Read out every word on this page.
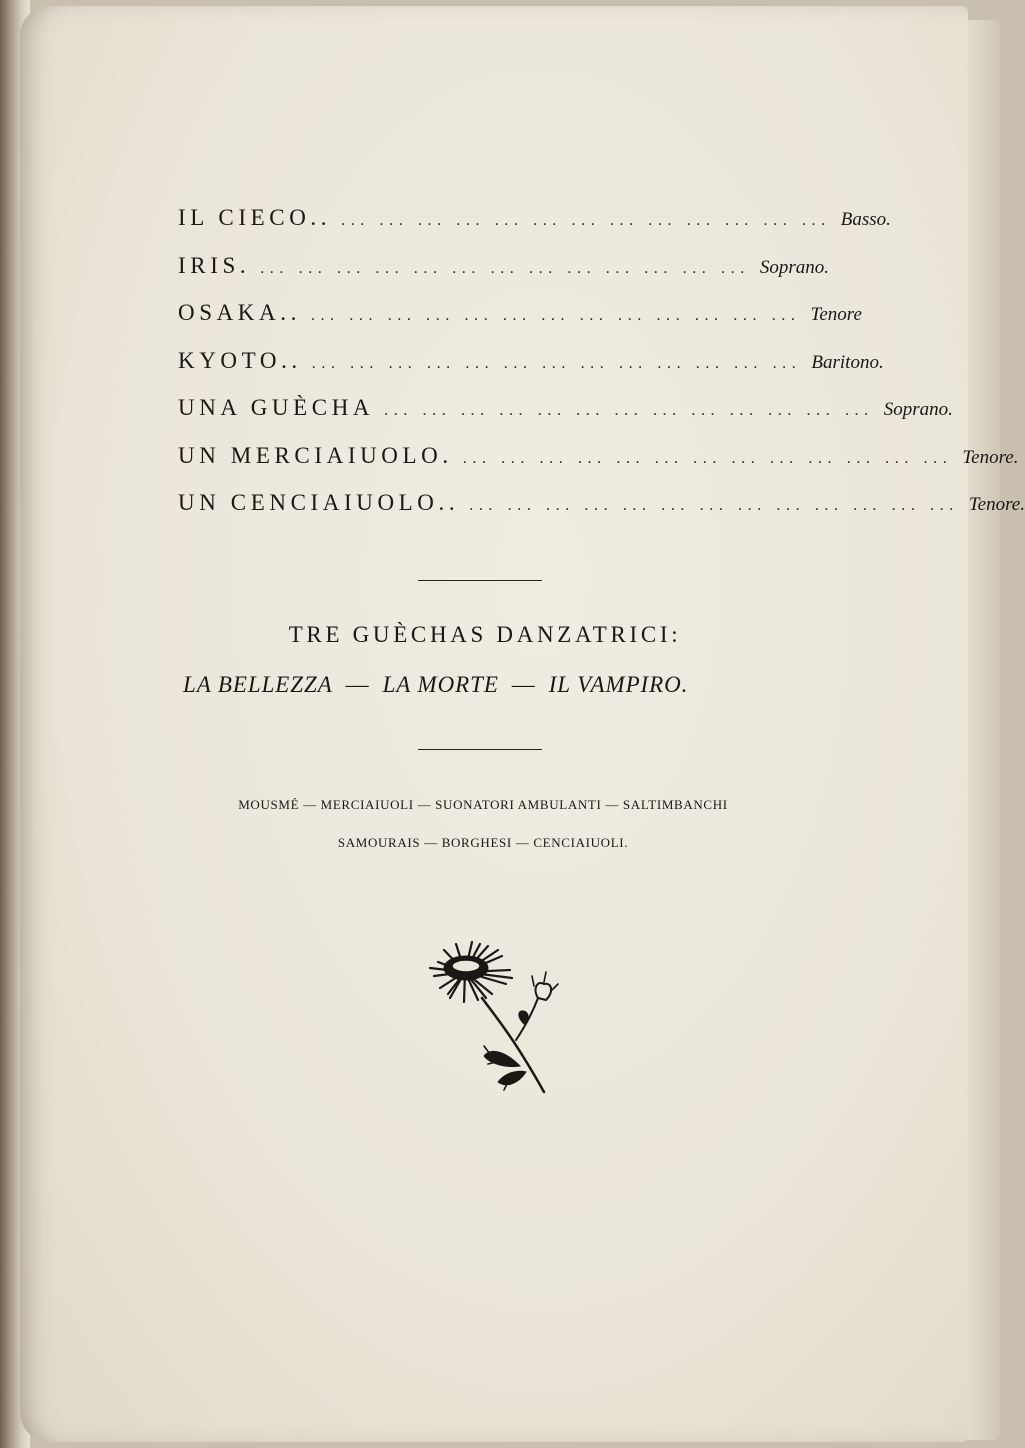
IL CIECO.. ... ... ... ... ... ... ... ... ... ... ... ... ... Basso.
IRIS. ... ... ... ... ... ... ... ... ... ... ... ... ... Soprano.
OSAKA.. ... ... ... ... ... ... ... ... ... ... ... ... ... Tenore
KYOTO.. ... ... ... ... ... ... ... ... ... ... ... ... ... Baritono.
UNA GUÈCHA ... ... ... ... ... ... ... ... ... ... ... ... ... Soprano.
UN MERCIAIUOLO. ... ... ... ... ... ... ... ... ... ... ... ... ... Tenore.
UN CENCIAIUOLO.. ... ... ... ... ... ... ... ... ... ... ... ... ... Tenore.
TRE GUÈCHAS DANZATRICI:
LA BELLEZZA — LA MORTE — IL VAMPIRO.
MOUSMÉ — MERCIAIUOLI — SUONATORI AMBULANTI — SALTIMBANCHI
SAMOURAIS — BORGHESI — CENCIAIUOLI.
